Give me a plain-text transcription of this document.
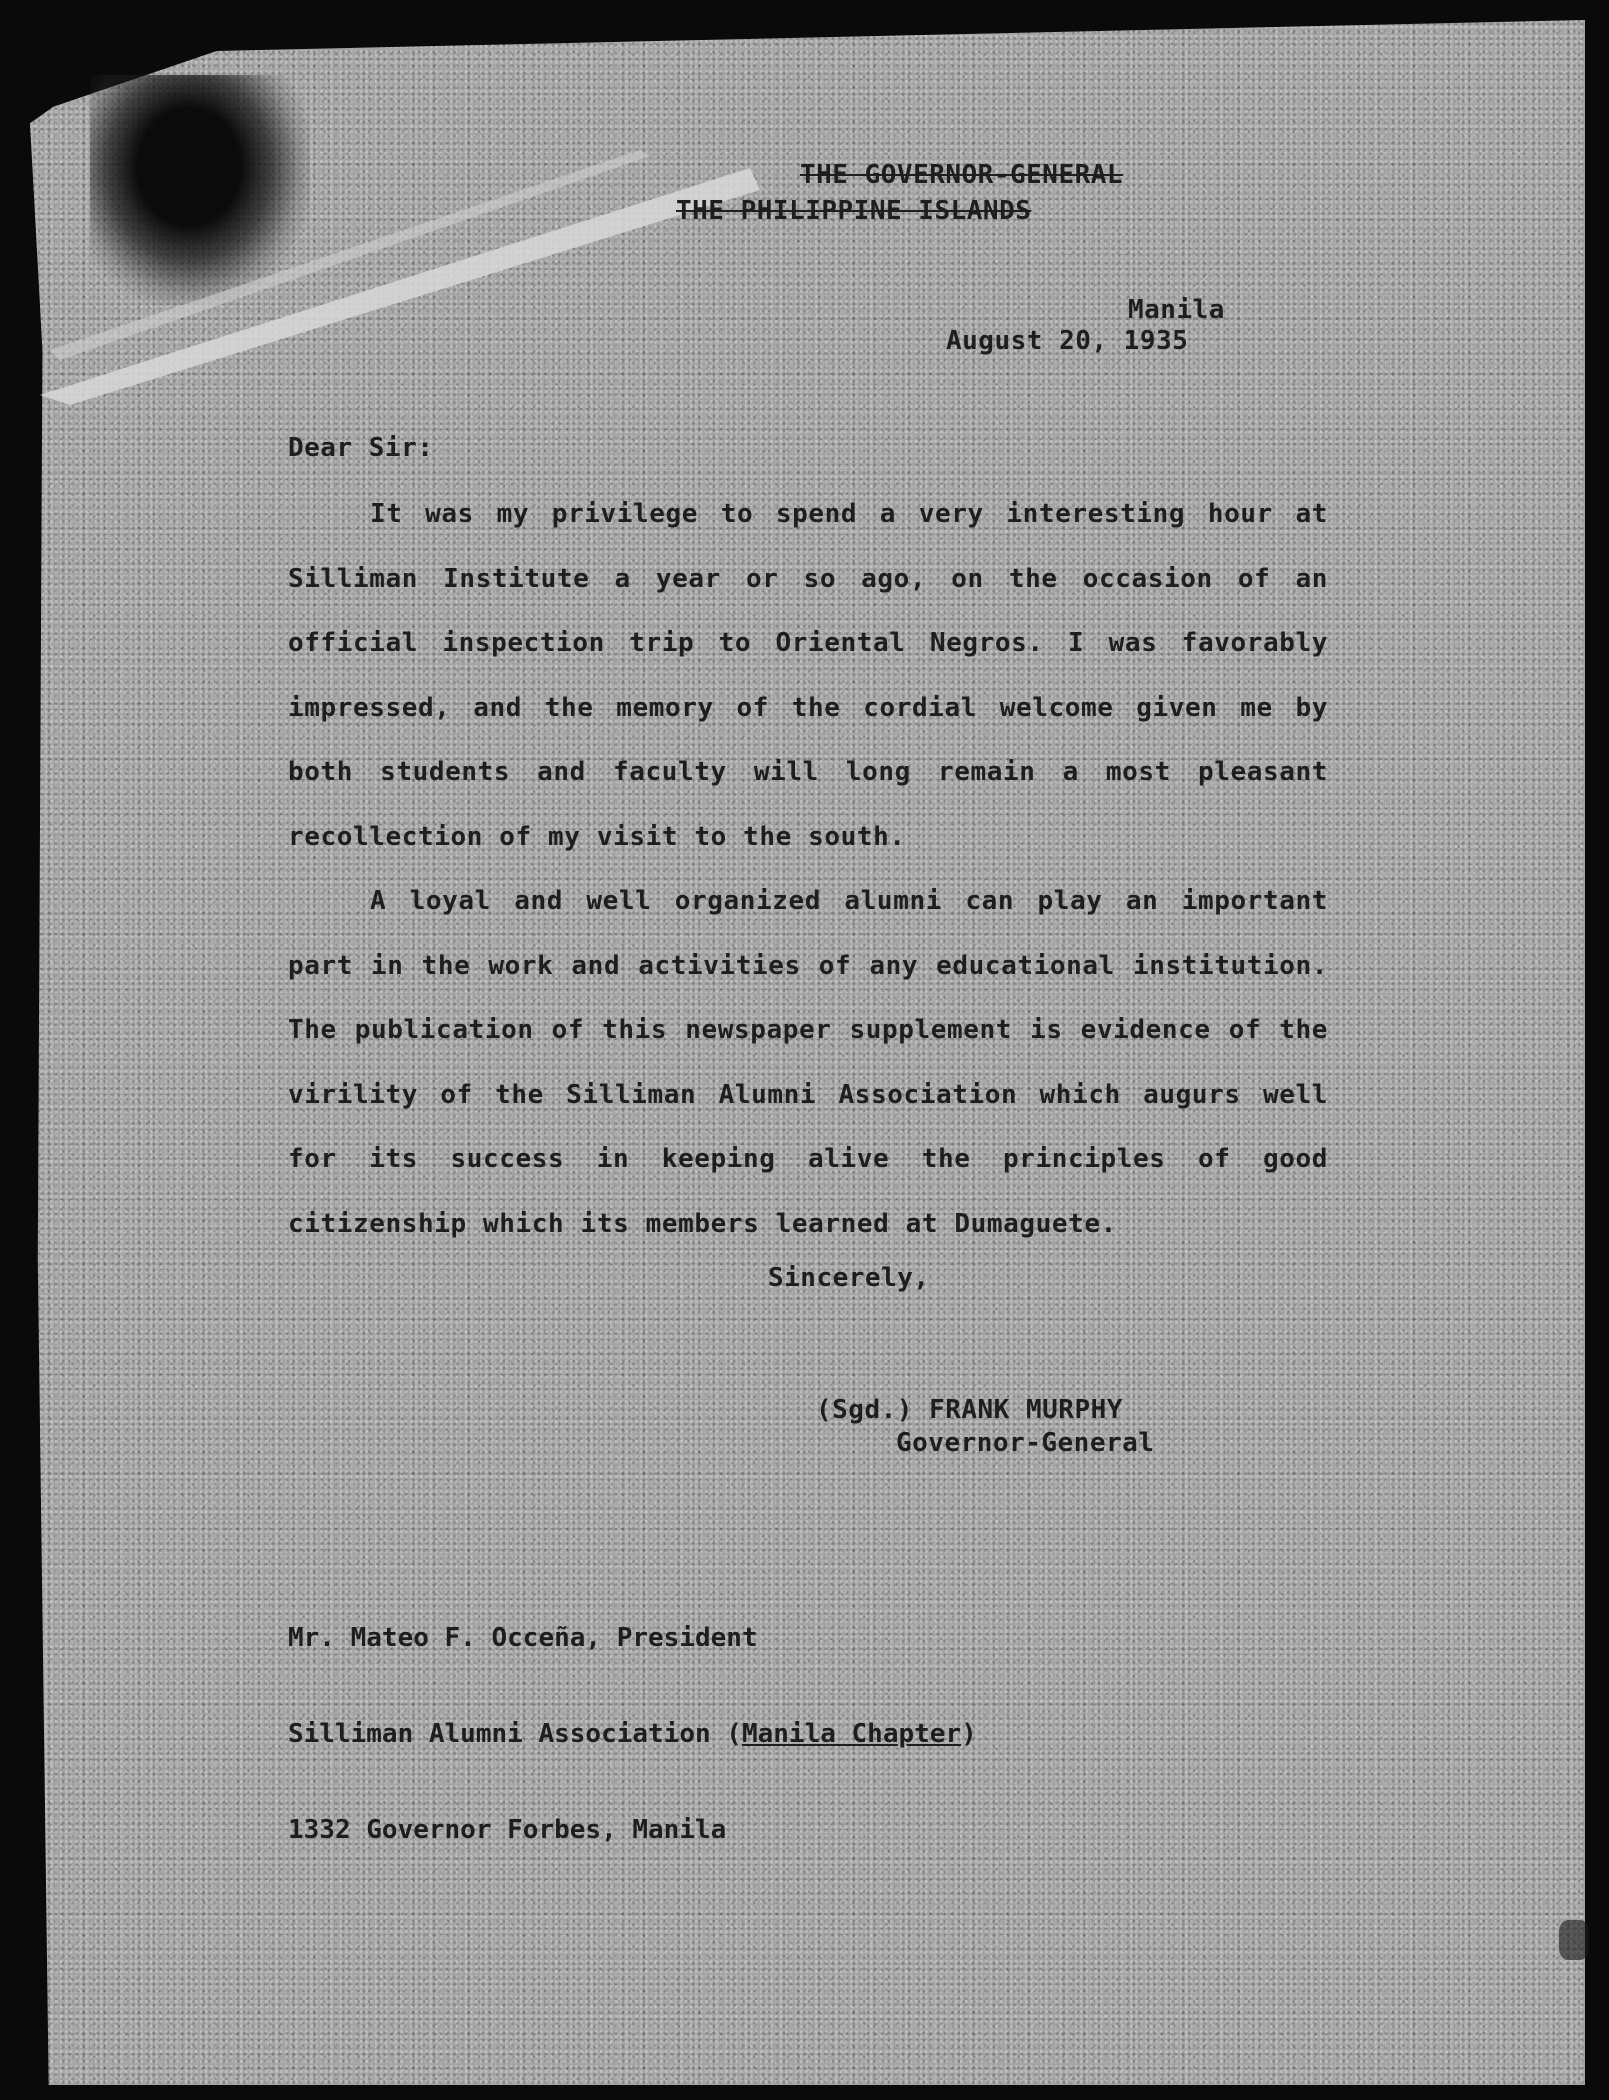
THE GOVERNOR-GENERAL
THE PHILIPPINE ISLANDS
Manila
August 20, 1935
Dear Sir:

It was my privilege to spend a very interesting hour at Silliman Institute a year or so ago, on the occasion of an official inspection trip to Oriental Negros. I was favorably impressed, and the memory of the cordial welcome given me by both students and faculty will long remain a most pleasant recollection of my visit to the south.

A loyal and well organized alumni can play an important part in the work and activities of any educational institution. The publication of this newspaper supplement is evidence of the virility of the Silliman Alumni Association which augurs well for its success in keeping alive the principles of good citizenship which its members learned at Dumaguete.

Sincerely,
(Sgd.) FRANK MURPHY
Governor-General

Mr. Mateo F. Occeña, President

Silliman Alumni Association (Manila Chapter)

1332 Governor Forbes, Manila
